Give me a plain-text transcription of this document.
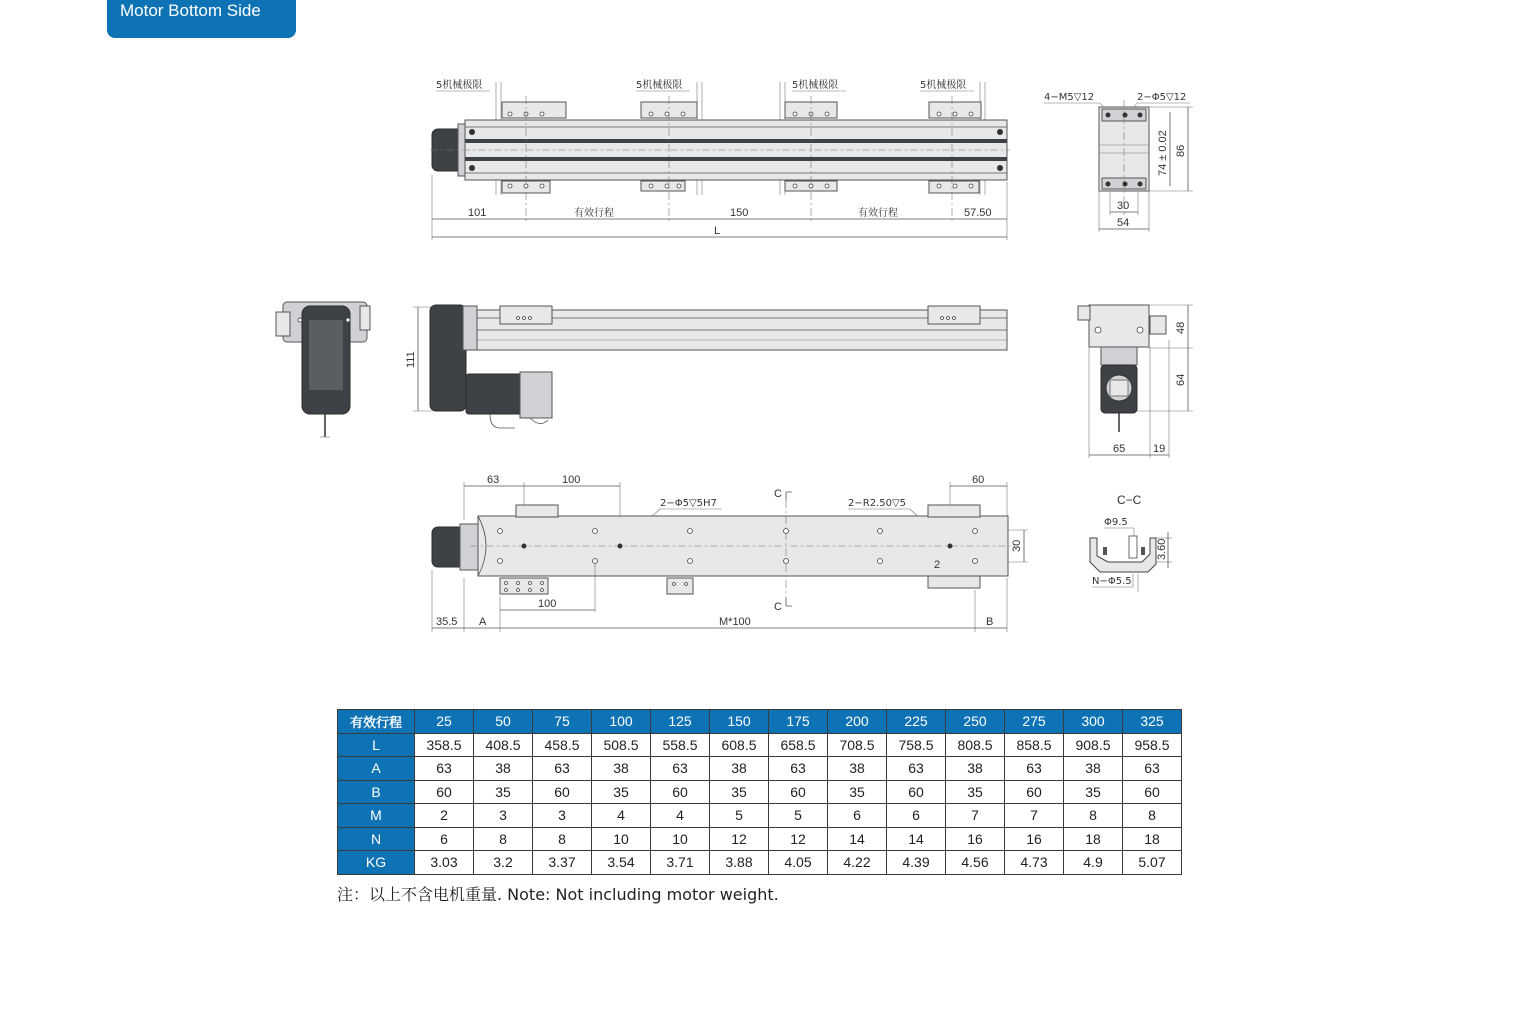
Motor Bottom Side
5机械极限	5机械极限	5机械极限	5机械极限
101	有效行程	150	有效行程	57.50
L
4−M5▽12	2−Φ5▽12
74 ± 0.02 86
30
54
111
48
64
65	19
63	100	60
2−Φ5▽5H7	2−R2.50▽5
C
C
2
30
100
35.5 A	M*100	B
C−C
Φ9.5
3.60
N−Φ5.5
有效行程	25	50	75	100	125	150	175	200	225	250	275	300	325
L	358.5	408.5	458.5	508.5	558.5	608.5	658.5	708.5	758.5	808.5	858.5	908.5	958.5
A	63	38	63	38	63	38	63	38	63	38	63	38	63
B	60	35	60	35	60	35	60	35	60	35	60	35	60
M	2	3	3	4	4	5	5	6	6	7	7	8	8
N	6	8	8	10	10	12	12	14	14	16	16	18	18
KG	3.03	3.2	3.37	3.54	3.71	3.88	4.05	4.22	4.39	4.56	4.73	4.9	5.07
注：以上不含电机重量. Note: Not including motor weight.
